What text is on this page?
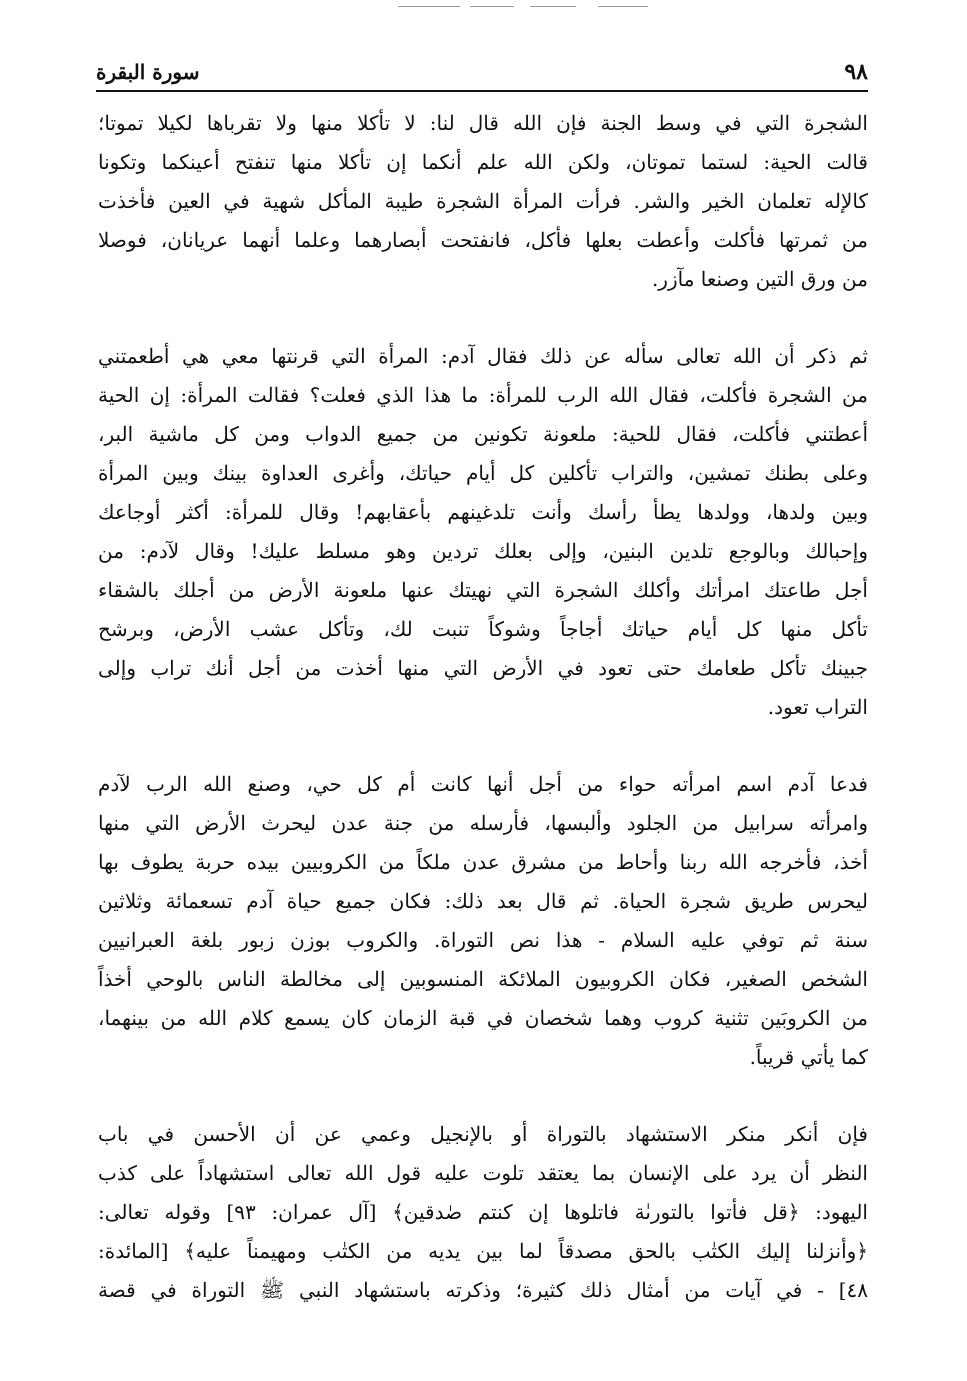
٩٨
سورة البقرة
الشجرة التي في وسط الجنة فإن الله قال لنا: لا تأكلا منها ولا تقرباها لكيلا تموتا؛
قالت الحية: لستما تموتان، ولكن الله علم أنكما إن تأكلا منها تنفتح أعينكما وتكونا
كالإله تعلمان الخير والشر. فرأت المرأة الشجرة طيبة المأكل شهية في العين فأخذت
من ثمرتها فأكلت وأعطت بعلها فأكل، فانفتحت أبصارهما وعلما أنهما عريانان، فوصلا
من ورق التين وصنعا مآزر.
ثم ذكر أن الله تعالى سأله عن ذلك فقال آدم: المرأة التي قرنتها معي هي أطعمتني
من الشجرة فأكلت، فقال الله الرب للمرأة: ما هذا الذي فعلت؟ فقالت المرأة: إن الحية
أعطتني فأكلت، فقال للحية: ملعونة تكونين من جميع الدواب ومن كل ماشية البر،
وعلى بطنك تمشين، والتراب تأكلين كل أيام حياتك، وأغرى العداوة بينك وبين المرأة
وبين ولدها، وولدها يطأ رأسك وأنت تلدغينهم بأعقابهم! وقال للمرأة: أكثر أوجاعك
وإحبالك وبالوجع تلدين البنين، وإلى بعلك تردين وهو مسلط عليك! وقال لآدم: من
أجل طاعتك امرأتك وأكلك الشجرة التي نهيتك عنها ملعونة الأرض من أجلك بالشقاء
تأكل منها كل أيام حياتك أجاجاً وشوكاً تنبت لك، وتأكل عشب الأرض، وبرشح
جبينك تأكل طعامك حتى تعود في الأرض التي منها أخذت من أجل أنك تراب وإلى
التراب تعود.
فدعا آدم اسم امرأته حواء من أجل أنها كانت أم كل حي، وصنع الله الرب لآدم
وامرأته سرابيل من الجلود وألبسها، فأرسله من جنة عدن ليحرث الأرض التي منها
أخذ، فأخرجه الله ربنا وأحاط من مشرق عدن ملكاً من الكروبيين بيده حربة يطوف بها
ليحرس طريق شجرة الحياة. ثم قال بعد ذلك: فكان جميع حياة آدم تسعمائة وثلاثين
سنة ثم توفي عليه السلام - هذا نص التوراة. والكروب بوزن زبور بلغة العبرانيين
الشخص الصغير، فكان الكروبيون الملائكة المنسوبين إلى مخالطة الناس بالوحي أخذاً
من الكروبَين تثنية كروب وهما شخصان في قبة الزمان كان يسمع كلام الله من بينهما،
كما يأتي قريباً.
فإن أنكر منكر الاستشهاد بالتوراة أو بالإنجيل وعمي عن أن الأحسن في باب
النظر أن يرد على الإنسان بما يعتقد تلوت عليه قول الله تعالى استشهاداً على كذب
اليهود: ﴿قل فأتوا بالتورىٰة فاتلوها إن كنتم صٰدقين﴾ [آل عمران: ٩٣] وقوله تعالى:
﴿وأنزلنا إليك الكتٰب بالحق مصدقاً لما بين يديه من الكتٰب ومهيمناً عليه﴾ [المائدة:
٤٨] - في آيات من أمثال ذلك كثيرة؛ وذكرته باستشهاد النبي ﷺ التوراة في قصة
